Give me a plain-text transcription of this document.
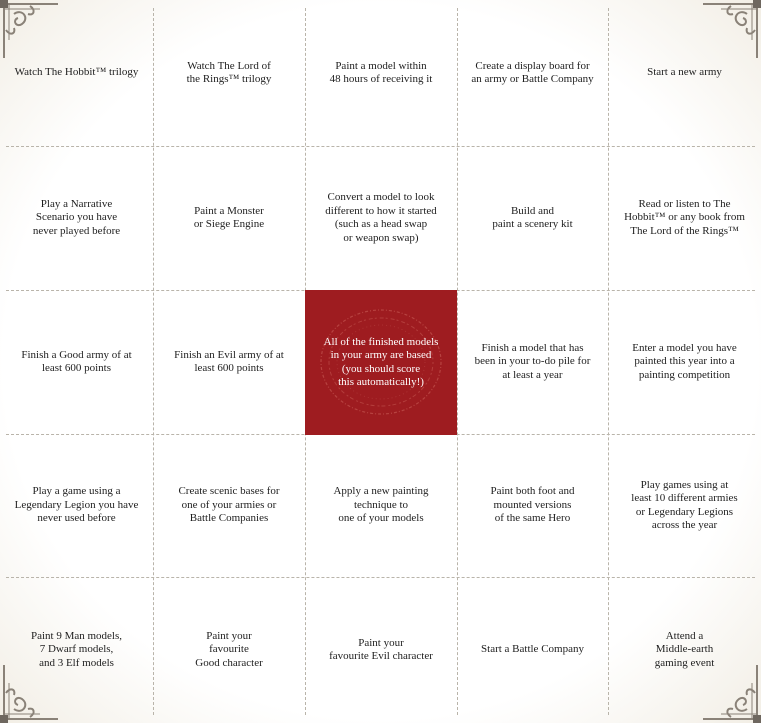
Watch The Hobbit™ trilogy
Watch The Lord of
the Rings™ trilogy
Paint a model within
48 hours of receiving it
Create a display board for
an army or Battle Company
Start a new army
Play a Narrative
Scenario you have
never played before
Paint a Monster
or Siege Engine
Convert a model to look
different to how it started
(such as a head swap
or weapon swap)
Build and
paint a scenery kit
Read or listen to The
Hobbit™ or any book from
The Lord of the Rings™
Finish a Good army of at
least 600 points
Finish an Evil army of at
least 600 points
All of the finished models
in your army are based
(you should score
this automatically!)
Finish a model that has
been in your to-do pile for
at least a year
Enter a model you have
painted this year into a
painting competition
Play a game using a
Legendary Legion you have
never used before
Create scenic bases for
one of your armies or
Battle Companies
Apply a new painting
technique to
one of your models
Paint both foot and
mounted versions
of the same Hero
Play games using at
least 10 different armies
or Legendary Legions
across the year
Paint 9 Man models,
7 Dwarf models,
and 3 Elf models
Paint your
favourite
Good character
Paint your
favourite Evil character
Start a Battle Company
Attend a
Middle-earth
gaming event
